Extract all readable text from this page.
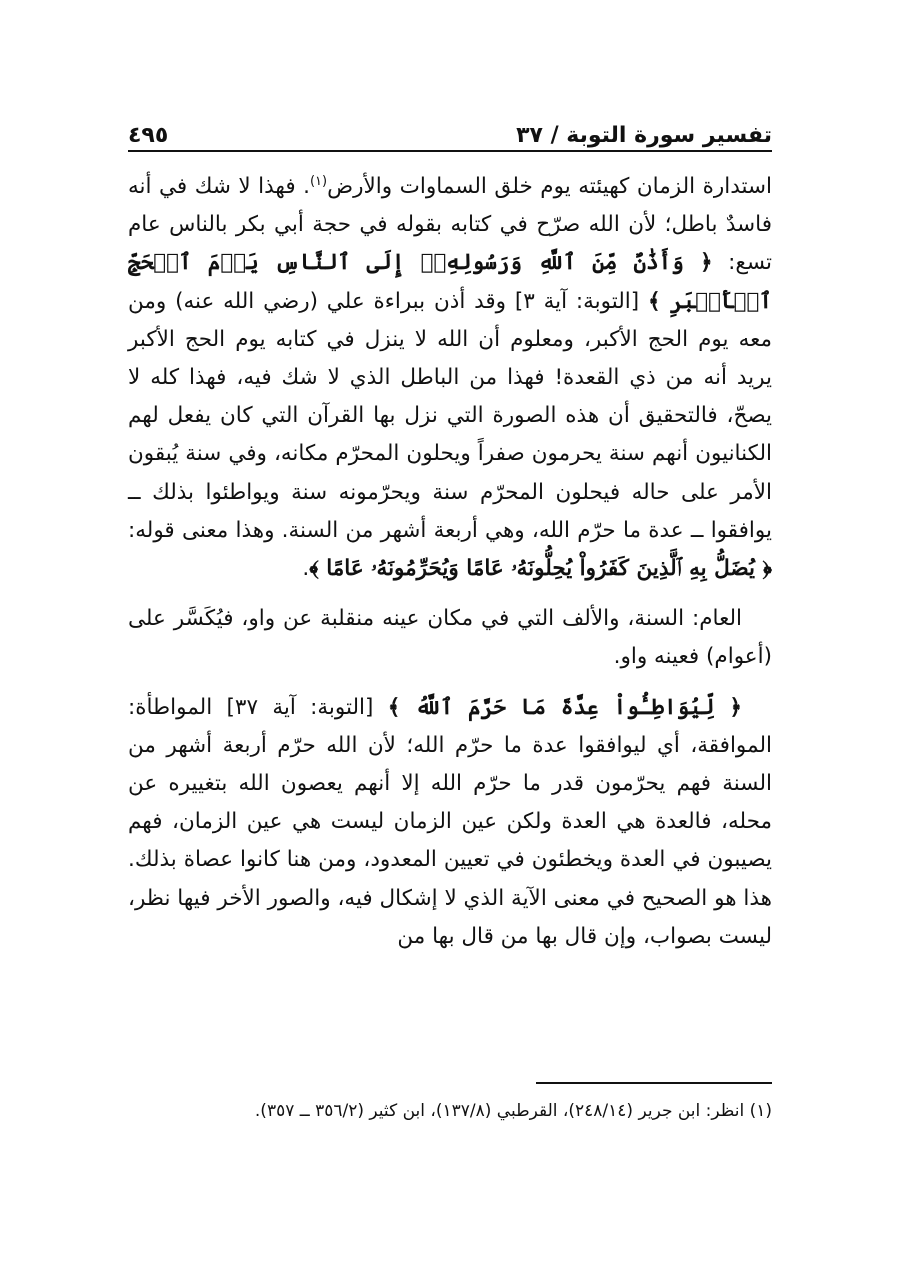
تفسير سورة التوبة / ٣٧
٤٩٥

استدارة الزمان كهيئته يوم خلق السماوات والأرض$^{(١)}$. فهذا لا شك في أنه فاسدٌ باطل؛ لأن الله صرّح في كتابه بقوله في حجة أبي بكر بالناس عام تسع: ﴿ وَأَذَٰنٌ مِّنَ ٱللَّهِ وَرَسُولِهِۦٓ إِلَى ٱلنَّاسِ يَوۡمَ ٱلۡحَجِّ ٱلۡأَكۡبَرِ ﴾ [التوبة: آية ٣] وقد أذن ببراءة علي (رضي الله عنه) ومن معه يوم الحج الأكبر، ومعلوم أن الله لا ينزل في كتابه يوم الحج الأكبر يريد أنه من ذي القعدة! فهذا من الباطل الذي لا شك فيه، فهذا كله لا يصحّ، فالتحقيق أن هذه الصورة التي نزل بها القرآن التي كان يفعل لهم الكنانيون أنهم سنة يحرمون صفراً ويحلون المحرّم مكانه، وفي سنة يُبقون الأمر على حاله فيحلون المحرّم سنة ويحرّمونه سنة ويواطئوا بذلك ــ يوافقوا ــ عدة ما حرّم الله، وهي أربعة أشهر من السنة. وهذا معنى قوله: ﴿ يُضَلُّ بِهِ ٱلَّذِينَ كَفَرُواْ يُحِلُّونَهُۥ عَامًا وَيُحَرِّمُونَهُۥ عَامًا ﴾.

العام: السنة، والألف التي في مكان عينه منقلبة عن واو، فيُكَسَّر على (أعوام) فعينه واو.

﴿ لِّيُوَاطِـُٔواْ عِدَّةَ مَا حَرَّمَ ٱللَّهُ ﴾ [التوبة: آية ٣٧] المواطأة: الموافقة، أي ليوافقوا عدة ما حرّم الله؛ لأن الله حرّم أربعة أشهر من السنة فهم يحرّمون قدر ما حرّم الله إلا أنهم يعصون الله بتغييره عن محله، فالعدة هي العدة ولكن عين الزمان ليست هي عين الزمان، فهم يصيبون في العدة ويخطئون في تعيين المعدود، ومن هنا كانوا عصاة بذلك. هذا هو الصحيح في معنى الآية الذي لا إشكال فيه، والصور الأخر فيها نظر، ليست بصواب، وإن قال بها من قال بها من

(١) انظر: ابن جرير (٢٤٨/١٤)، القرطبي (١٣٧/٨)، ابن كثير (٣٥٦/٢ ــ ٣٥٧).
